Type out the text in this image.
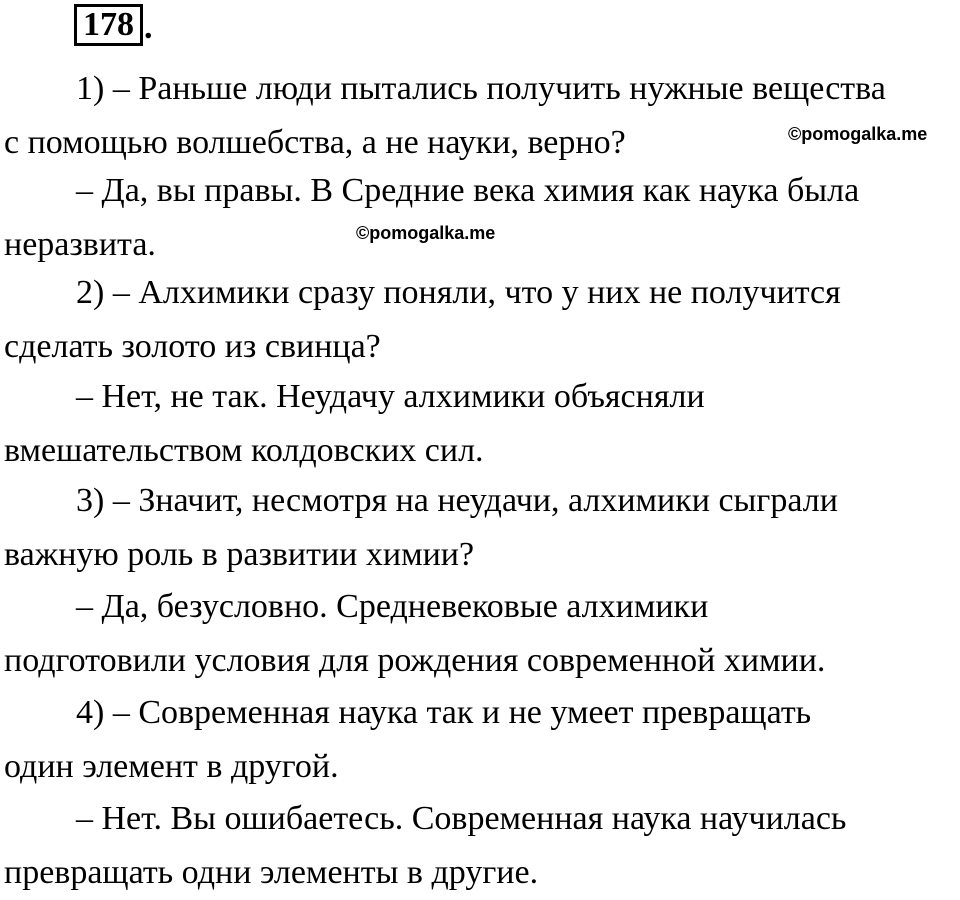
178 .

1) – Раньше люди пытались получить нужные вещества
с помощью волшебства, а не науки, верно?

– Да, вы правы. В Средние века химия как наука была
неразвита.

2) – Алхимики сразу поняли, что у них не получится
сделать золото из свинца?

– Нет, не так. Неудачу алхимики объясняли
вмешательством колдовских сил.

3) – Значит, несмотря на неудачи, алхимики сыграли
важную роль в развитии химии?

– Да, безусловно. Средневековые алхимики
подготовили условия для рождения современной химии.

4) – Современная наука так и не умеет превращать
один элемент в другой.

– Нет. Вы ошибаетесь. Современная наука научилась
превращать одни элементы в другие.

©pomogalka.me
©pomogalka.me
